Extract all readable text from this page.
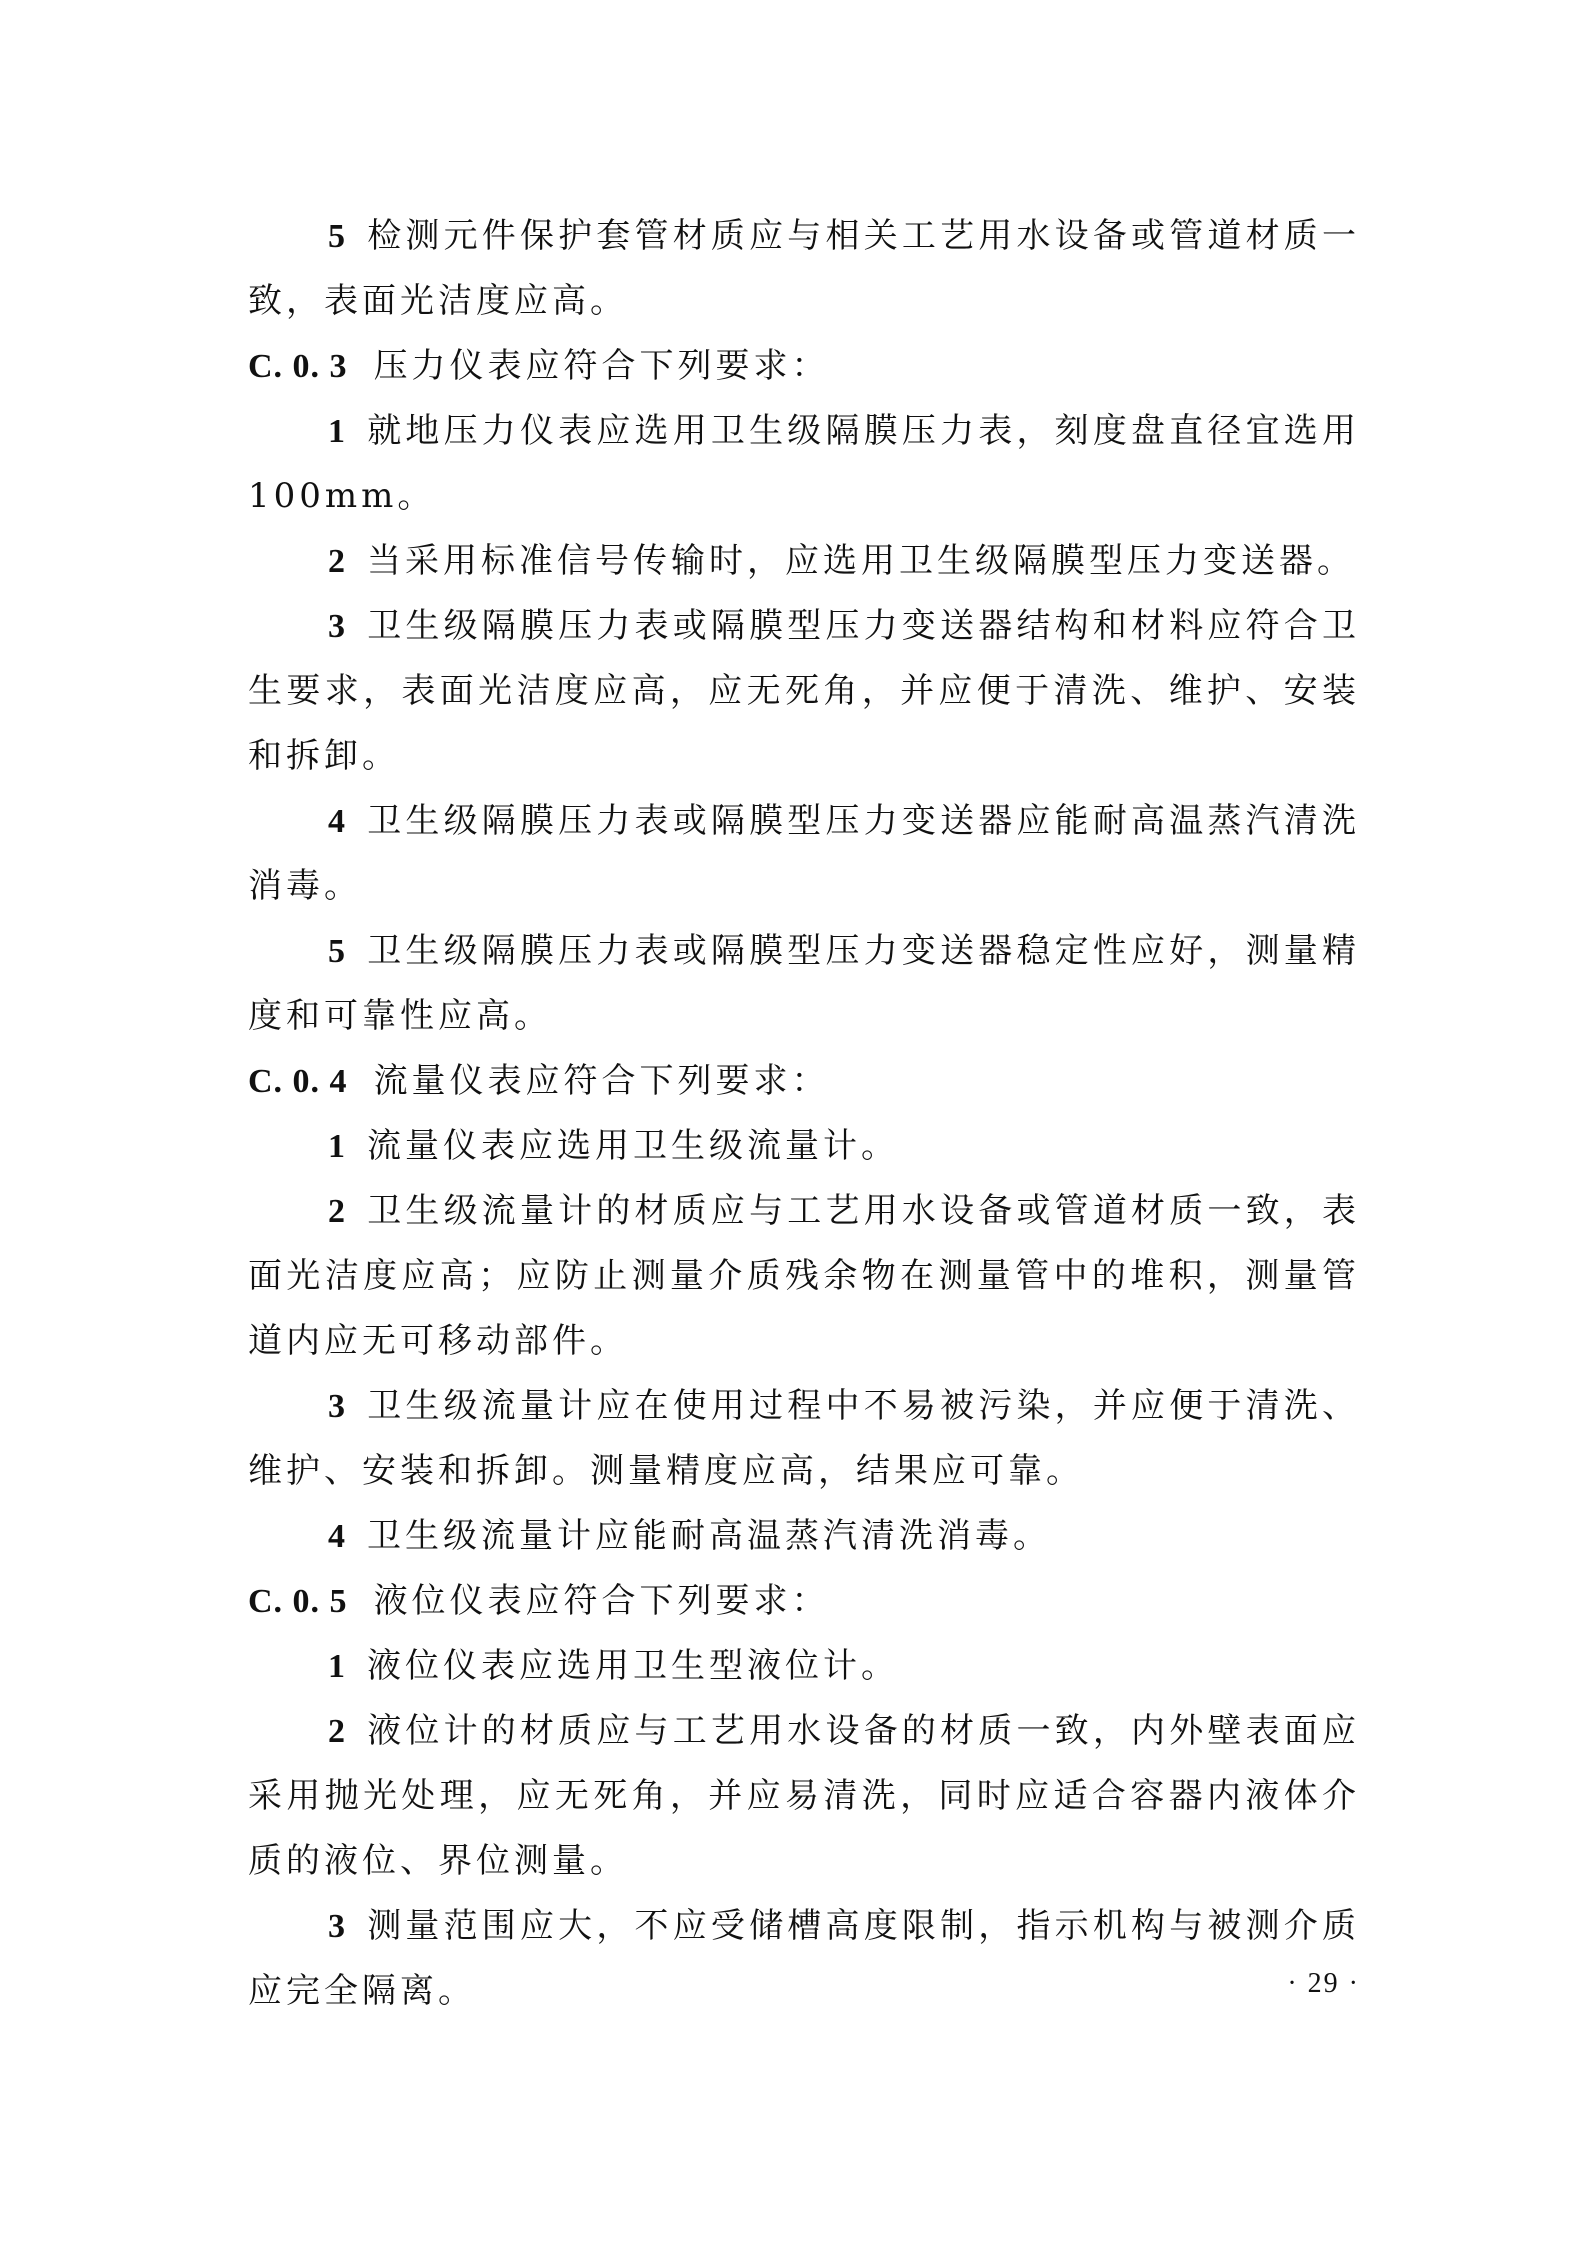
5 检测元件保护套管材质应与相关工艺用水设备或管道材质一致，表面光洁度应高。

C. 0. 3 压力仪表应符合下列要求：

1 就地压力仪表应选用卫生级隔膜压力表，刻度盘直径宜选用 100mm。

2 当采用标准信号传输时，应选用卫生级隔膜型压力变送器。

3 卫生级隔膜压力表或隔膜型压力变送器结构和材料应符合卫生要求，表面光洁度应高，应无死角，并应便于清洗、维护、安装和拆卸。

4 卫生级隔膜压力表或隔膜型压力变送器应能耐高温蒸汽清洗消毒。

5 卫生级隔膜压力表或隔膜型压力变送器稳定性应好，测量精度和可靠性应高。

C. 0. 4 流量仪表应符合下列要求：

1 流量仪表应选用卫生级流量计。

2 卫生级流量计的材质应与工艺用水设备或管道材质一致，表面光洁度应高；应防止测量介质残余物在测量管中的堆积，测量管道内应无可移动部件。

3 卫生级流量计应在使用过程中不易被污染，并应便于清洗、维护、安装和拆卸。测量精度应高，结果应可靠。

4 卫生级流量计应能耐高温蒸汽清洗消毒。

C. 0. 5 液位仪表应符合下列要求：

1 液位仪表应选用卫生型液位计。

2 液位计的材质应与工艺用水设备的材质一致，内外壁表面应采用抛光处理，应无死角，并应易清洗，同时应适合容器内液体介质的液位、界位测量。

3 测量范围应大，不应受储槽高度限制，指示机构与被测介质应完全隔离。	· 29 ·
